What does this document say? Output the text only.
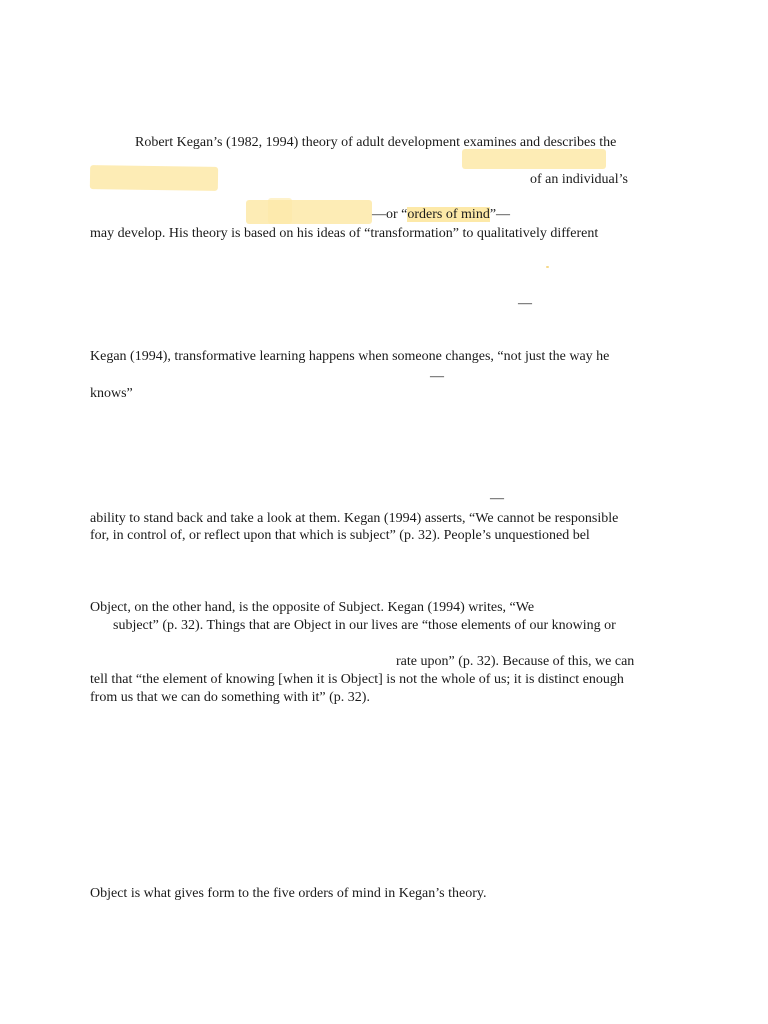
Robert Kegan’s (1982, 1994) theory of adult development examines and describes the
of an individual’s
—or “orders of mind”—
may develop. His theory is based on his ideas of “transformation” to qualitatively different
—
Kegan (1994), transformative learning happens when someone changes, “not just the way he
—
knows”
—
ability to stand back and take a look at them. Kegan (1994) asserts, “We cannot be responsible
for, in control of, or reflect upon that which is subject” (p. 32). People’s unquestioned bel
Object, on the other hand, is the opposite of Subject. Kegan (1994) writes, “We
subject” (p. 32). Things that are Object in our lives are “those elements of our knowing or
rate upon” (p. 32). Because of this, we can
tell that “the element of knowing [when it is Object] is not the whole of us; it is distinct enough
from us that we can do something with it” (p. 32).
Object is what gives form to the five orders of mind in Kegan’s theory.
